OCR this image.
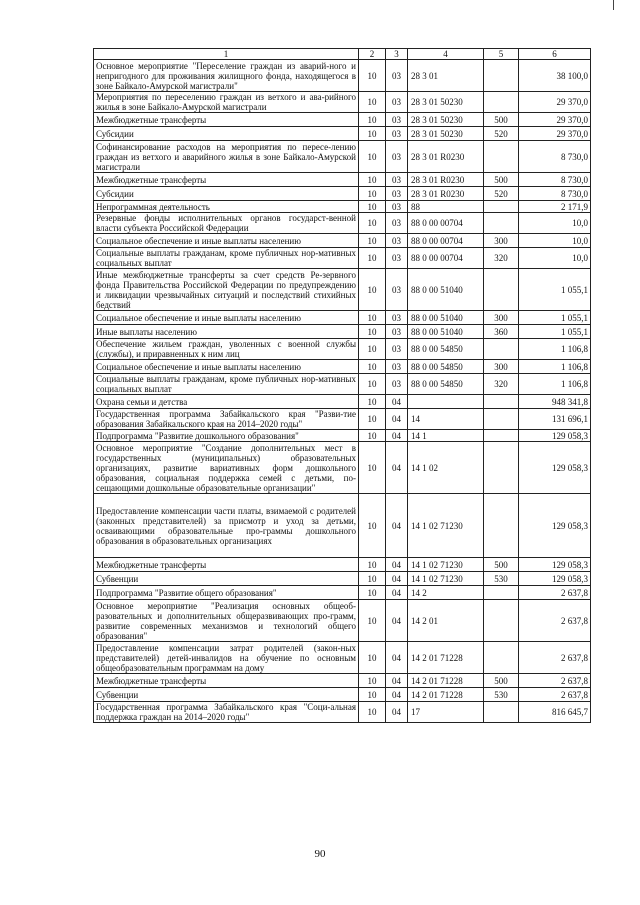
1	2	3	4	5	6
Основное мероприятие "Переселение граждан из аварий-ного и непригодного для проживания жилищного фонда, находящегося в зоне Байкало-Амурской магистрали"	10	03	28 3 01		38 100,0
Мероприятия по переселению граждан из ветхого и ава-рийного жилья в зоне Байкало-Амурской магистрали	10	03	28 3 01 50230		29 370,0
Межбюджетные трансферты	10	03	28 3 01 50230	500	29 370,0
Субсидии	10	03	28 3 01 50230	520	29 370,0
Софинансирование расходов на мероприятия по пересе-лению граждан из ветхого и аварийного жилья в зоне Байкало-Амурской магистрали	10	03	28 3 01 R0230		8 730,0
Межбюджетные трансферты	10	03	28 3 01 R0230	500	8 730,0
Субсидии	10	03	28 3 01 R0230	520	8 730,0
Непрограммная деятельность	10	03	88		2 171,9
Резервные фонды исполнительных органов государст-венной власти субъекта Российской Федерации	10	03	88 0 00 00704		10,0
Социальное обеспечение и иные выплаты населению	10	03	88 0 00 00704	300	10,0
Социальные выплаты гражданам, кроме публичных нор-мативных социальных выплат	10	03	88 0 00 00704	320	10,0
Иные межбюджетные трансферты за счет средств Ре-зервного фонда Правительства Российской Федерации по предупреждению и ликвидации чрезвычайных ситуаций и последствий стихийных бедствий	10	03	88 0 00 51040		1 055,1
Социальное обеспечение и иные выплаты населению	10	03	88 0 00 51040	300	1 055,1
Иные выплаты населению	10	03	88 0 00 51040	360	1 055,1
Обеспечение жильем граждан, уволенных с военной службы (службы), и приравненных к ним лиц	10	03	88 0 00 54850		1 106,8
Социальное обеспечение и иные выплаты населению	10	03	88 0 00 54850	300	1 106,8
Социальные выплаты гражданам, кроме публичных нор-мативных социальных выплат	10	03	88 0 00 54850	320	1 106,8
Охрана семьи и детства	10	04			948 341,8
Государственная программа Забайкальского края "Разви-тие образования Забайкальского края на 2014–2020 годы"	10	04	14		131 696,1
Подпрограмма "Развитие дошкольного образования"	10	04	14 1		129 058,3
Основное мероприятие "Создание дополнительных мест в государственных (муниципальных) образовательных организациях, развитие вариативных форм дошкольного образования, социальная поддержка семей с детьми, по-сещающими дошкольные образовательные организации"	10	04	14 1 02		129 058,3
Предоставление компенсации части платы, взимаемой с родителей (законных представителей) за присмотр и уход за детьми, осваивающими образовательные про-граммы дошкольного образования в образовательных организациях	10	04	14 1 02 71230		129 058,3
Межбюджетные трансферты	10	04	14 1 02 71230	500	129 058,3
Субвенции	10	04	14 1 02 71230	530	129 058,3
Подпрограмма "Развитие общего образования"	10	04	14 2		2 637,8
Основное мероприятие "Реализация основных общеоб-разовательных и дополнительных общеразвивающих про-грамм, развитие современных механизмов и технологий общего образования"	10	04	14 2 01		2 637,8
Предоставление компенсации затрат родителей (закон-ных представителей) детей-инвалидов на обучение по основным общеобразовательным программам на дому	10	04	14 2 01 71228		2 637,8
Межбюджетные трансферты	10	04	14 2 01 71228	500	2 637,8
Субвенции	10	04	14 2 01 71228	530	2 637,8
Государственная программа Забайкальского края "Соци-альная поддержка граждан на 2014–2020 годы"	10	04	17		816 645,7
90
